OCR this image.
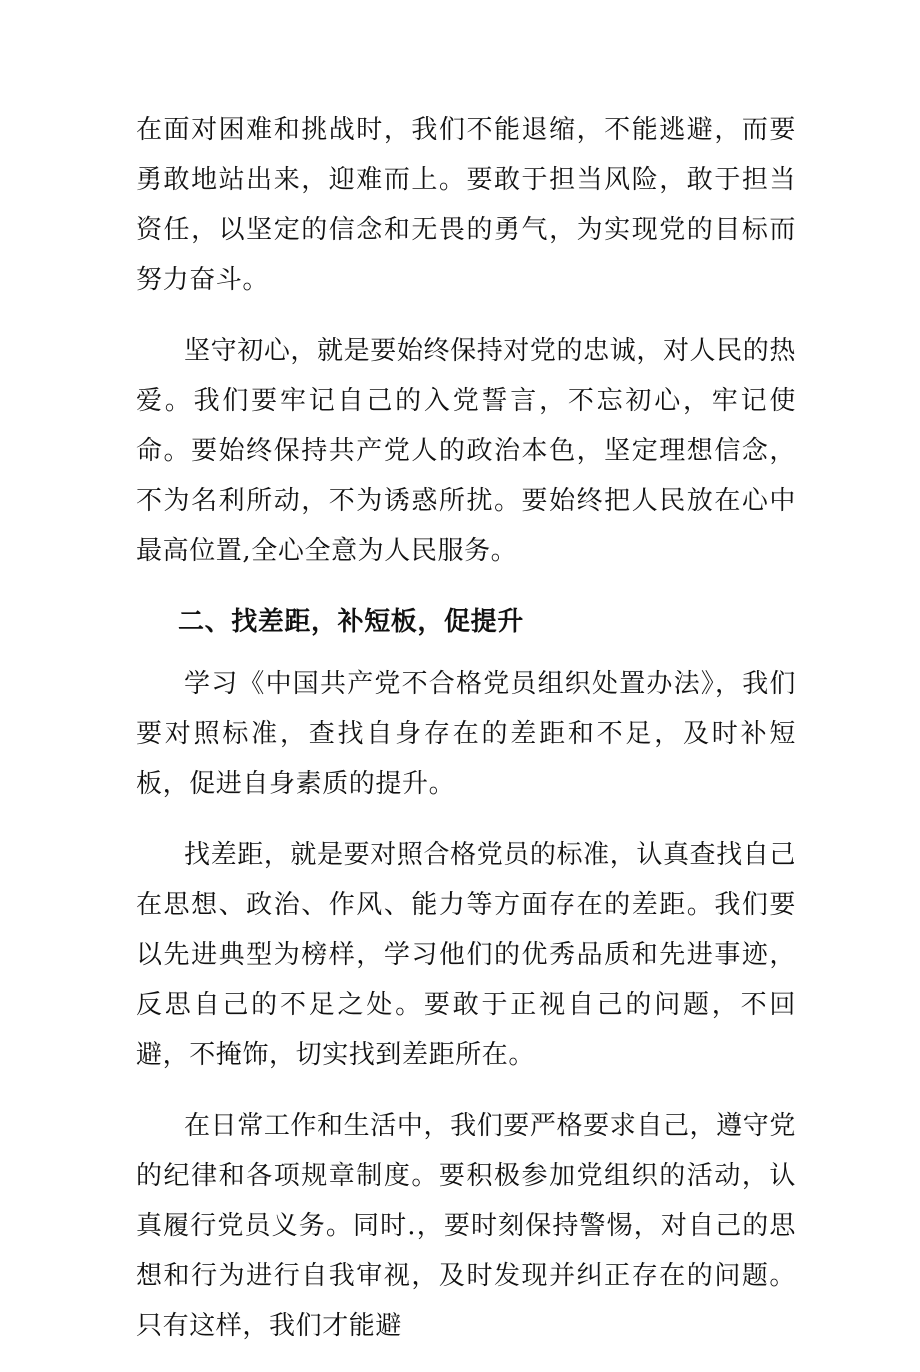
在面对困难和挑战时，我们不能退缩，不能逃避，而要勇敢地站出来，迎难而上。要敢于担当风险，敢于担当资任，以坚定的信念和无畏的勇气，为实现党的目标而努力奋斗。

坚守初心，就是要始终保持对党的忠诚，对人民的热爱。我们要牢记自己的入党誓言，不忘初心，牢记使命。要始终保持共产党人的政治本色，坚定理想信念，不为名利所动，不为诱惑所扰。要始终把人民放在心中最高位置,全心全意为人民服务。

二、找差距，补短板，促提升

学习《中国共产党不合格党员组织处置办法》，我们要对照标准，查找自身存在的差距和不足，及时补短板，促进自身素质的提升。

找差距，就是要对照合格党员的标准，认真查找自己在思想、政治、作风、能力等方面存在的差距。我们要以先进典型为榜样，学习他们的优秀品质和先进事迹，反思自己的不足之处。要敢于正视自己的问题，不回避，不掩饰，切实找到差距所在。

在日常工作和生活中，我们要严格要求自己，遵守党的纪律和各项规章制度。要积极参加党组织的活动，认真履行党员义务。同时.，要时刻保持警惕，对自己的思想和行为进行自我审视，及时发现并纠正存在的问题。只有这样，我们才能避
